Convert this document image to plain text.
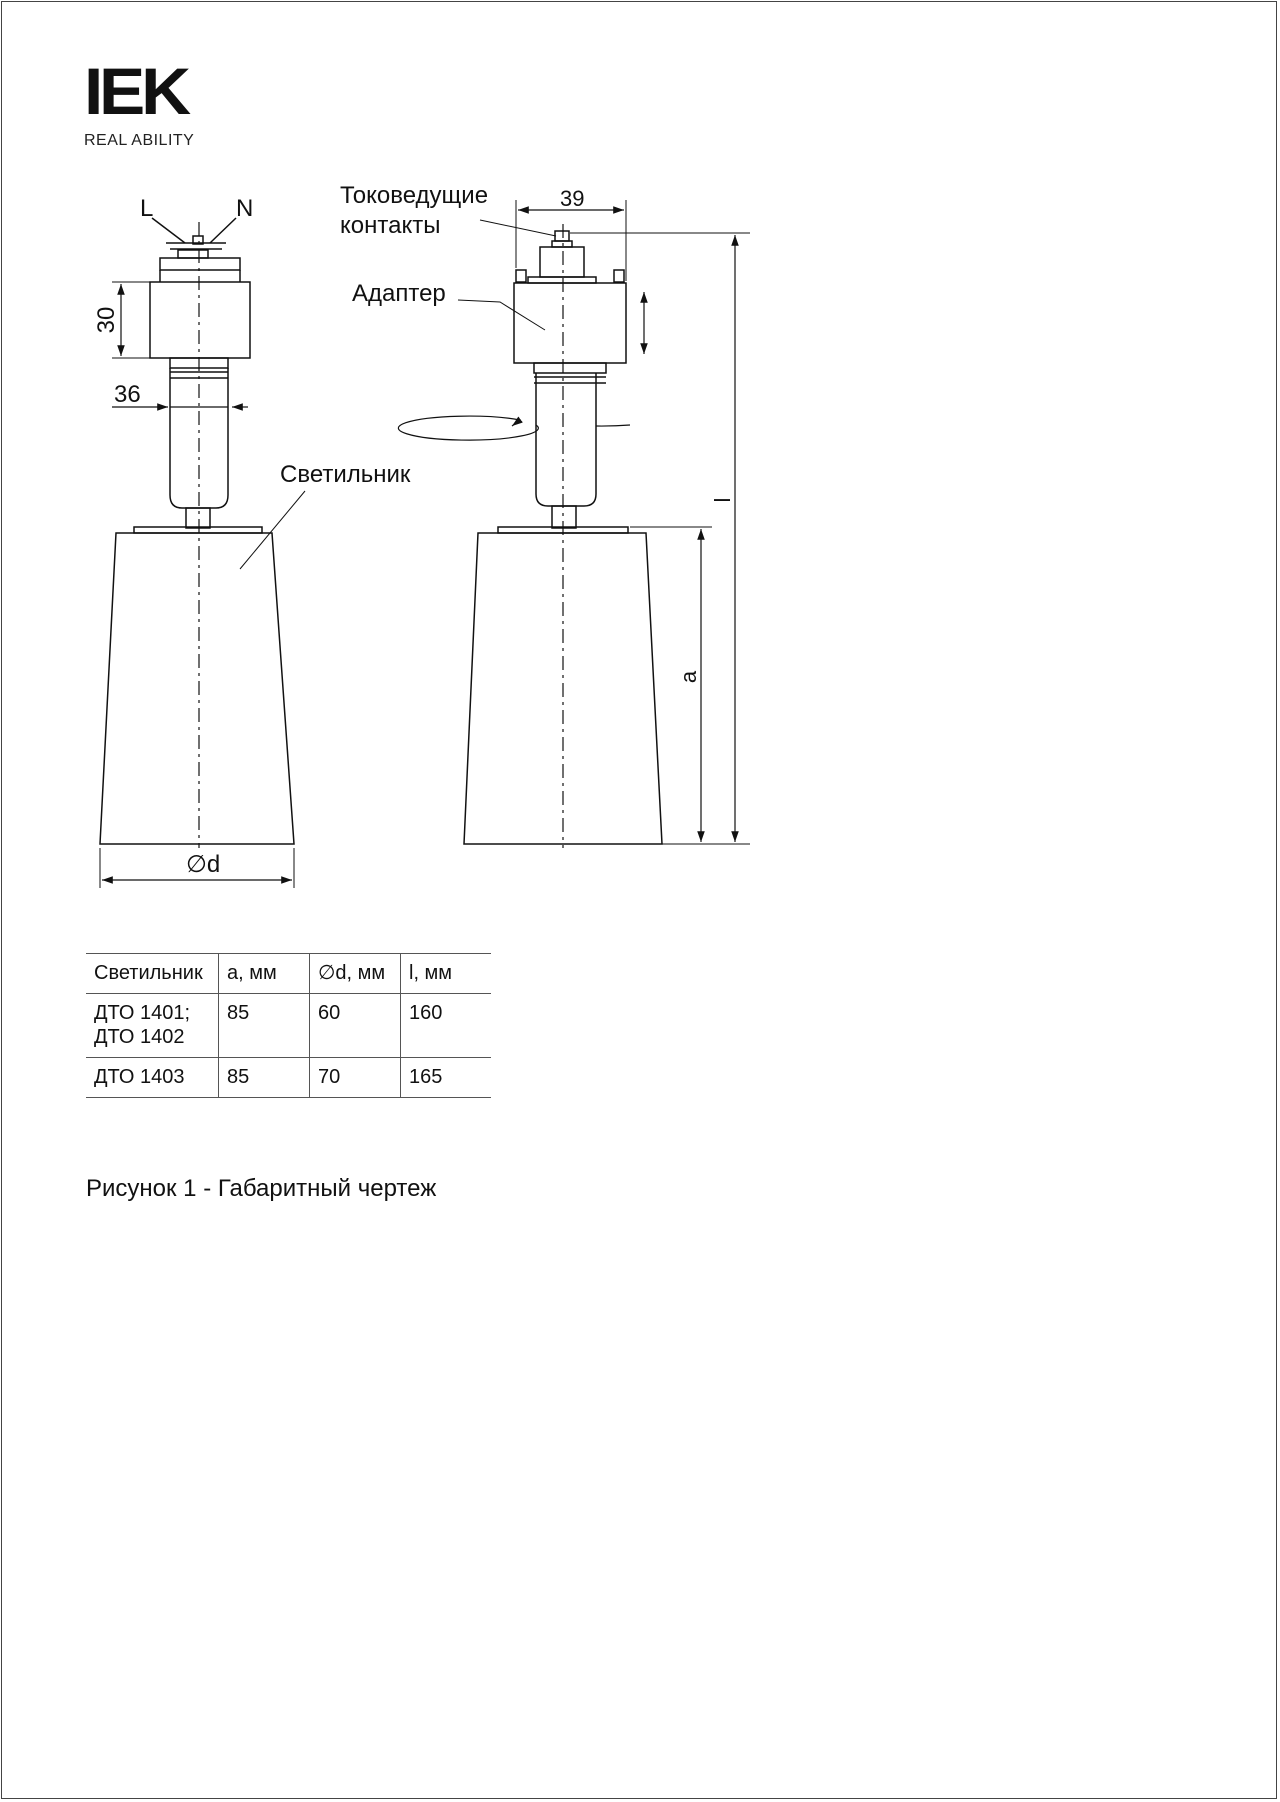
IEK
REAL ABILITY
L	N
30
36
Светильник
∅d
Токоведущие
контакты
39
Адаптер
a
l
Светильник	a, мм	∅d, мм	l, мм
ДТО 1401;
ДТО 1402	85	60	160
ДТО 1403	85	70	165
Рисунок 1 - Габаритный чертеж
